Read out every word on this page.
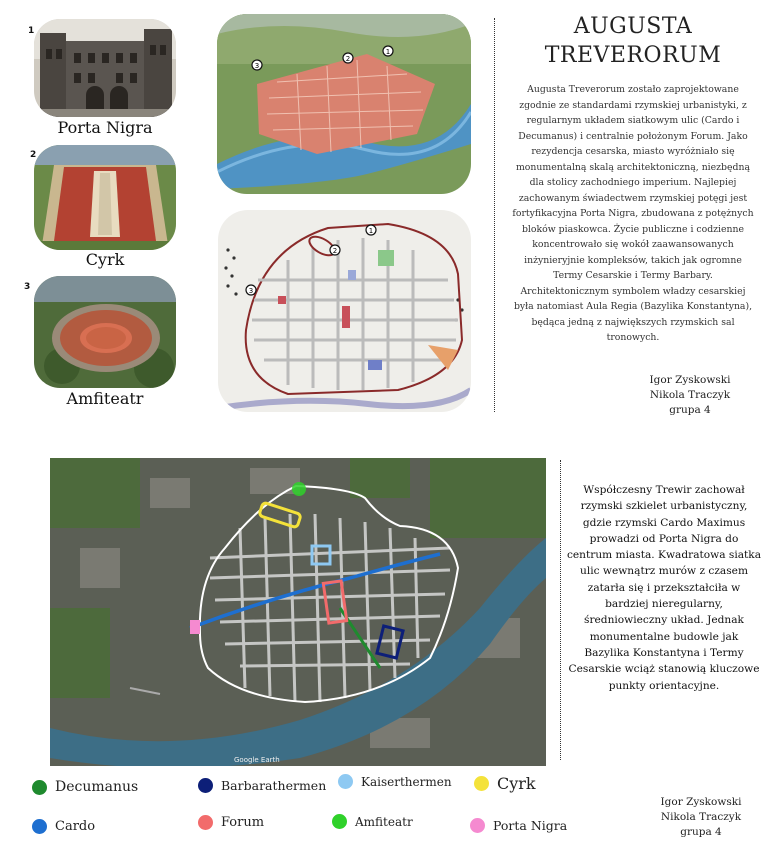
1
Porta Nigra
2
Cyrk
3
Amfiteatr
3
2
1
3
2
1
AUGUSTA
TREVERORUM
Augusta Treverorum zostało zaprojektowane zgodnie ze standardami rzymskiej urbanistyki, z regularnym układem siatkowym ulic (Cardo i Decumanus) i centralnie położonym Forum. Jako rezydencja cesarska, miasto wyróżniało się monumentalną skalą architektoniczną, niezbędną dla stolicy zachodniego imperium. Najlepiej zachowanym świadectwem rzymskiej potęgi jest fortyfikacyjna Porta Nigra, zbudowana z potężnych bloków piaskowca. Życie publiczne i codzienne koncentrowało się wokół zaawansowanych inżynieryjnie kompleksów, takich jak ogromne Termy Cesarskie i Termy Barbary. Architektonicznym symbolem władzy cesarskiej była natomiast Aula Regia (Bazylika Konstantyna), będąca jedną z największych rzymskich sal tronowych.
Igor Zyskowski
Nikola Traczyk
grupa 4
Google Earth
Współczesny Trewir zachował rzymski szkielet urbanistyczny, gdzie rzymski Cardo Maximus prowadzi od Porta Nigra do centrum miasta. Kwadratowa siatka ulic wewnątrz murów z czasem zatarła się i przekształciła w bardziej nieregularny, średniowieczny układ. Jednak monumentalne budowle jak Bazylika Konstantyna i Termy Cesarskie wciąż stanowią kluczowe punkty orientacyjne.
Decumanus
Cardo
Barbarathermen
Forum
Kaiserthermen
Amfiteatr
Cyrk
Porta Nigra
Igor Zyskowski
Nikola Traczyk
grupa 4
